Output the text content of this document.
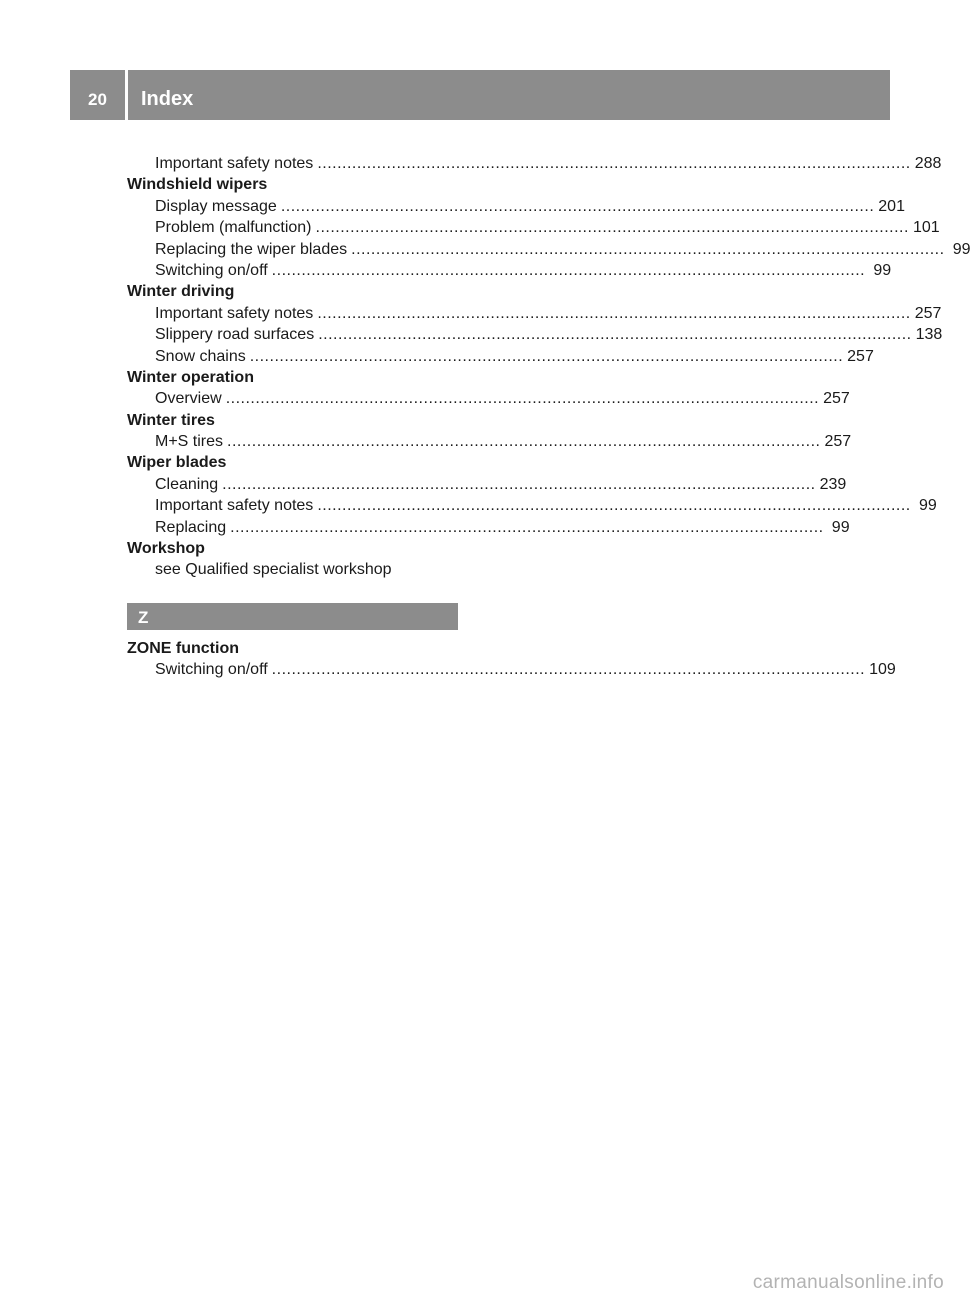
20	Index
Important safety notes ........................................................................................................................ 288
Windshield wipers
Display message ........................................................................................................................ 201
Problem (malfunction) ........................................................................................................................ 101
Replacing the wiper blades ........................................................................................................................ 99
Switching on/off ........................................................................................................................ 99
Winter driving
Important safety notes ........................................................................................................................ 257
Slippery road surfaces ........................................................................................................................ 138
Snow chains ........................................................................................................................ 257
Winter operation
Overview ........................................................................................................................ 257
Winter tires
M+S tires ........................................................................................................................ 257
Wiper blades
Cleaning ........................................................................................................................ 239
Important safety notes ........................................................................................................................ 99
Replacing ........................................................................................................................ 99
Workshop
see Qualified specialist workshop
Z
ZONE function
Switching on/off ........................................................................................................................ 109
carmanualsonline.info
